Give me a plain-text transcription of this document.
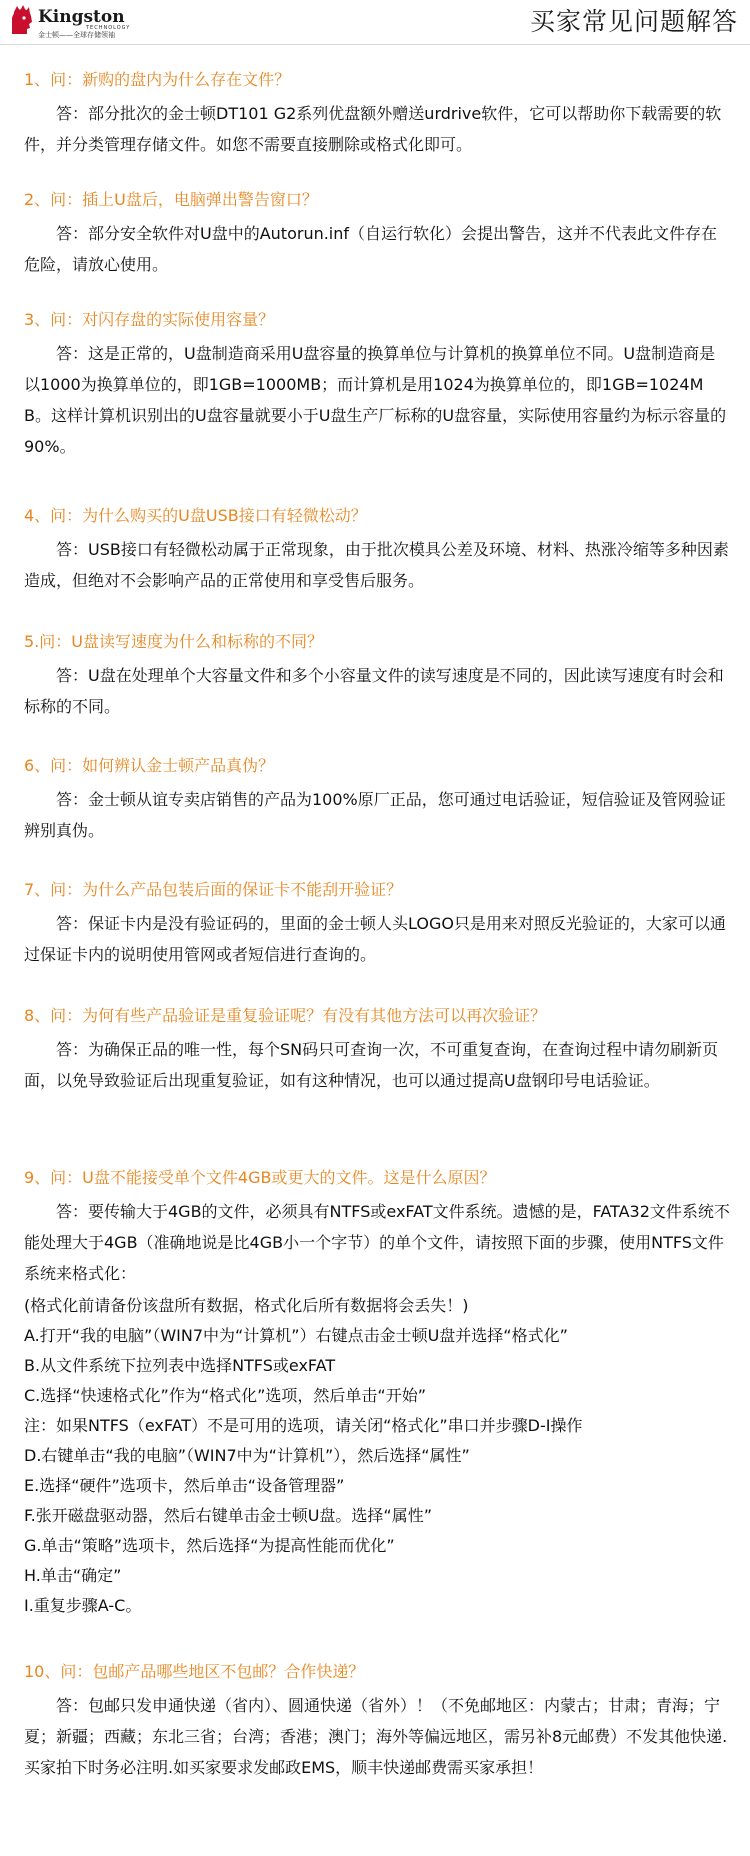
Kingston
TECHNOLOGY
金士顿——全球存储领袖	买家常见问题解答
1、问：新购的盘内为什么存在文件？
答：部分批次的金士顿DT101 G2系列优盘额外赠送urdrive软件，它可以帮助你下载需要的软件，并分类管理存储文件。如您不需要直接删除或格式化即可。
2、问：插上U盘后，电脑弹出警告窗口？
答：部分安全软件对U盘中的Autorun.inf（自运行软化）会提出警告，这并不代表此文件存在危险，请放心使用。
3、问：对闪存盘的实际使用容量？
答：这是正常的，U盘制造商采用U盘容量的换算单位与计算机的换算单位不同。U盘制造商是以1000为换算单位的，即1GB=1000MB；而计算机是用1024为换算单位的，即1GB=1024MB。这样计算机识别出的U盘容量就要小于U盘生产厂标称的U盘容量，实际使用容量约为标示容量的90%。
4、问：为什么购买的U盘USB接口有轻微松动？
答：USB接口有轻微松动属于正常现象，由于批次模具公差及环境、材料、热涨冷缩等多种因素造成，但绝对不会影响产品的正常使用和享受售后服务。
5.问：U盘读写速度为什么和标称的不同？
答：U盘在处理单个大容量文件和多个小容量文件的读写速度是不同的，因此读写速度有时会和标称的不同。
6、问：如何辨认金士顿产品真伪？
答：金士顿从谊专卖店销售的产品为100%原厂正品，您可通过电话验证，短信验证及管网验证辨别真伪。
7、问：为什么产品包装后面的保证卡不能刮开验证？
答：保证卡内是没有验证码的，里面的金士顿人头LOGO只是用来对照反光验证的，大家可以通过保证卡内的说明使用管网或者短信进行查询的。
8、问：为何有些产品验证是重复验证呢？有没有其他方法可以再次验证？
答：为确保正品的唯一性，每个SN码只可查询一次，不可重复查询，在查询过程中请勿刷新页面，以免导致验证后出现重复验证，如有这种情况，也可以通过提高U盘钢印号电话验证。
9、问：U盘不能接受单个文件4GB或更大的文件。这是什么原因？
答：要传输大于4GB的文件，必须具有NTFS或exFAT文件系统。遗憾的是，FATA32文件系统不能处理大于4GB（准确地说是比4GB小一个字节）的单个文件，请按照下面的步骤，使用NTFS文件系统来格式化：
(格式化前请备份该盘所有数据，格式化后所有数据将会丢失！)
A.打开“我的电脑”（WIN7中为“计算机”）右键点击金士顿U盘并选择“格式化”
B.从文件系统下拉列表中选择NTFS或exFAT
C.选择“快速格式化”作为“格式化”选项，然后单击“开始”
注：如果NTFS（exFAT）不是可用的选项，请关闭“格式化”串口并步骤D-I操作
D.右键单击“我的电脑”（WIN7中为“计算机”），然后选择“属性”
E.选择“硬件”选项卡，然后单击“设备管理器”
F.张开磁盘驱动器，然后右键单击金士顿U盘。选择“属性”
G.单击“策略”选项卡，然后选择“为提高性能而优化”
H.单击“确定”
I.重复步骤A-C。
10、问：包邮产品哪些地区不包邮？合作快递？
答：包邮只发申通快递（省内）、圆通快递（省外）！（不免邮地区：内蒙古；甘肃；青海；宁夏；新疆；西藏；东北三省；台湾；香港；澳门；海外等偏远地区，需另补8元邮费）不发其他快递.买家拍下时务必注明.如买家要求发邮政EMS，顺丰快递邮费需买家承担！
